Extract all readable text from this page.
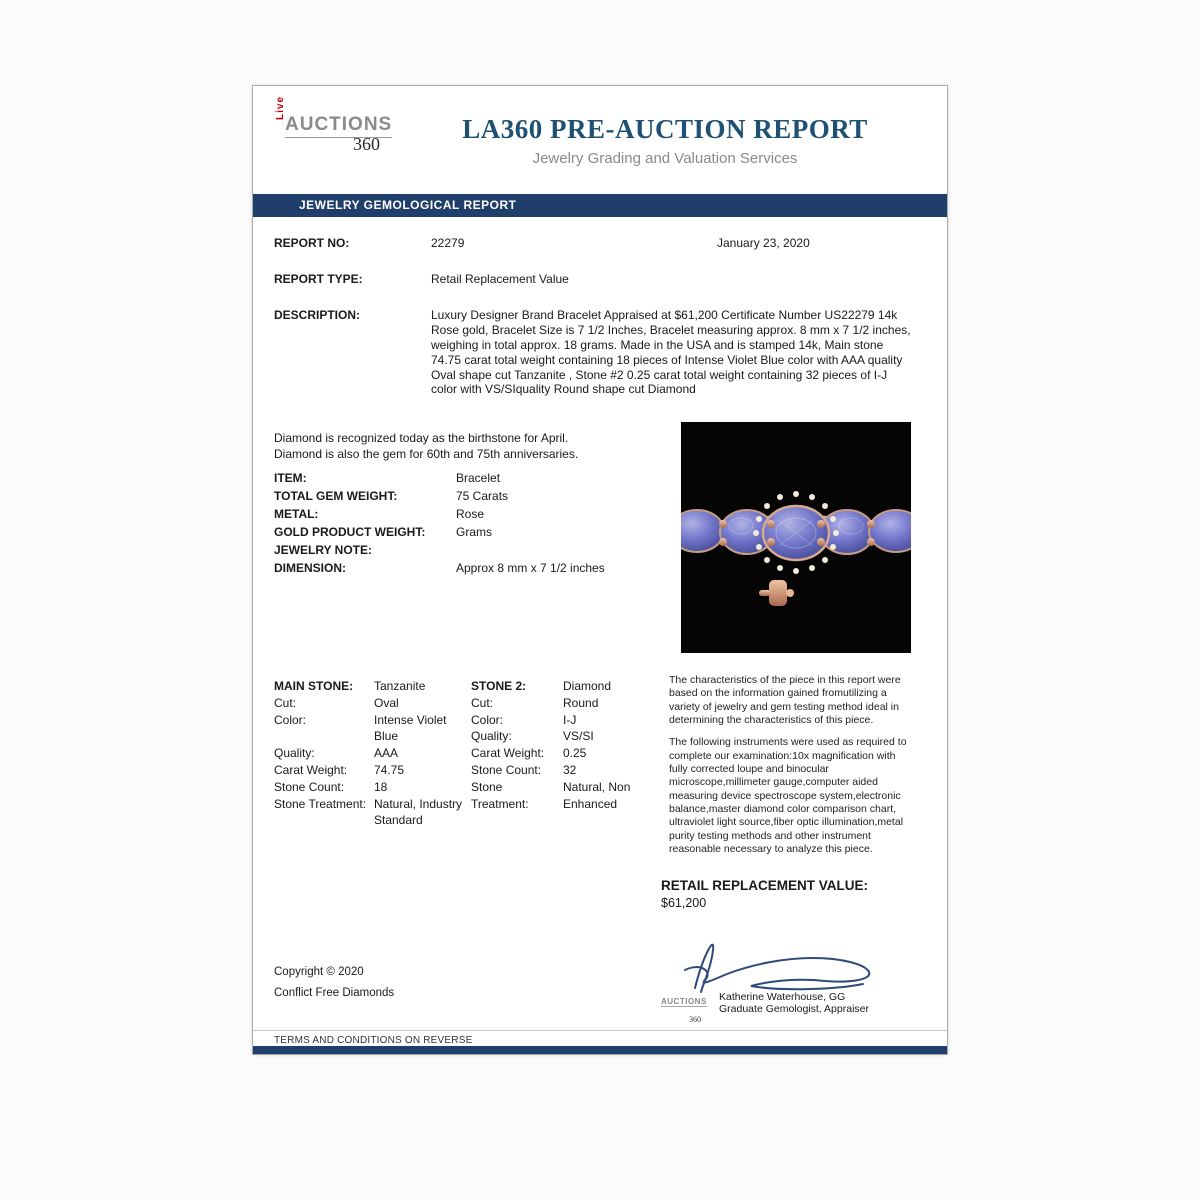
Live
AUCTIONS
360	LA360 PRE-AUCTION REPORT
Jewelry Grading and Valuation Services
JEWELRY GEMOLOGICAL REPORT
REPORT NO:	22279	January 23, 2020
REPORT TYPE:	Retail Replacement Value
DESCRIPTION:	Luxury Designer Brand Bracelet Appraised at $61,200 Certificate Number US22279 14k Rose gold, Bracelet Size is 7 1/2 Inches, Bracelet measuring approx. 8 mm x 7 1/2 inches, weighing in total approx. 18 grams. Made in the USA and is stamped 14k, Main stone 74.75 carat total weight containing 18 pieces of Intense Violet Blue color with AAA quality Oval shape cut Tanzanite , Stone #2 0.25 carat total weight containing 32 pieces of I-J color with VS/SIquality Round shape cut Diamond
Diamond is recognized today as the birthstone for April.
Diamond is also the gem for 60th and 75th anniversaries.
ITEM:	Bracelet
TOTAL GEM WEIGHT:	75 Carats
METAL:	Rose
GOLD PRODUCT WEIGHT:	Grams
JEWELRY NOTE:
DIMENSION:	Approx 8 mm x 7 1/2 inches
MAIN STONE:	Tanzanite
Cut:	Oval
Color:	Intense Violet Blue
Quality:	AAA
Carat Weight:	74.75
Stone Count:	18
Stone Treatment: Natural, Industry Standard
STONE 2:	Diamond
Cut:	Round
Color:	I-J
Quality:	VS/SI
Carat Weight:	0.25
Stone Count:	32
Stone Treatment:
Natural, Non Enhanced

The characteristics of the piece in this report were based on the information gained fromutilizing a variety of jewelry and gem testing method ideal in determining the characteristics of this piece.

The following instruments were used as required to complete our examination:10x magnification with fully corrected loupe and binocular microscope,millimeter gauge,computer aided measuring device spectroscope system,electronic balance,master diamond color comparison chart, ultraviolet light source,fiber optic illumination,metal purity testing methods and other instrument reasonable necessary to analyze this piece.

RETAIL REPLACEMENT VALUE:
$61,200
﻿AUCTIONS
360
Katherine Waterhouse, GG
Graduate Gemologist, Appraiser
Copyright © 2020
Conflict Free Diamonds
TERMS AND CONDITIONS ON REVERSE
